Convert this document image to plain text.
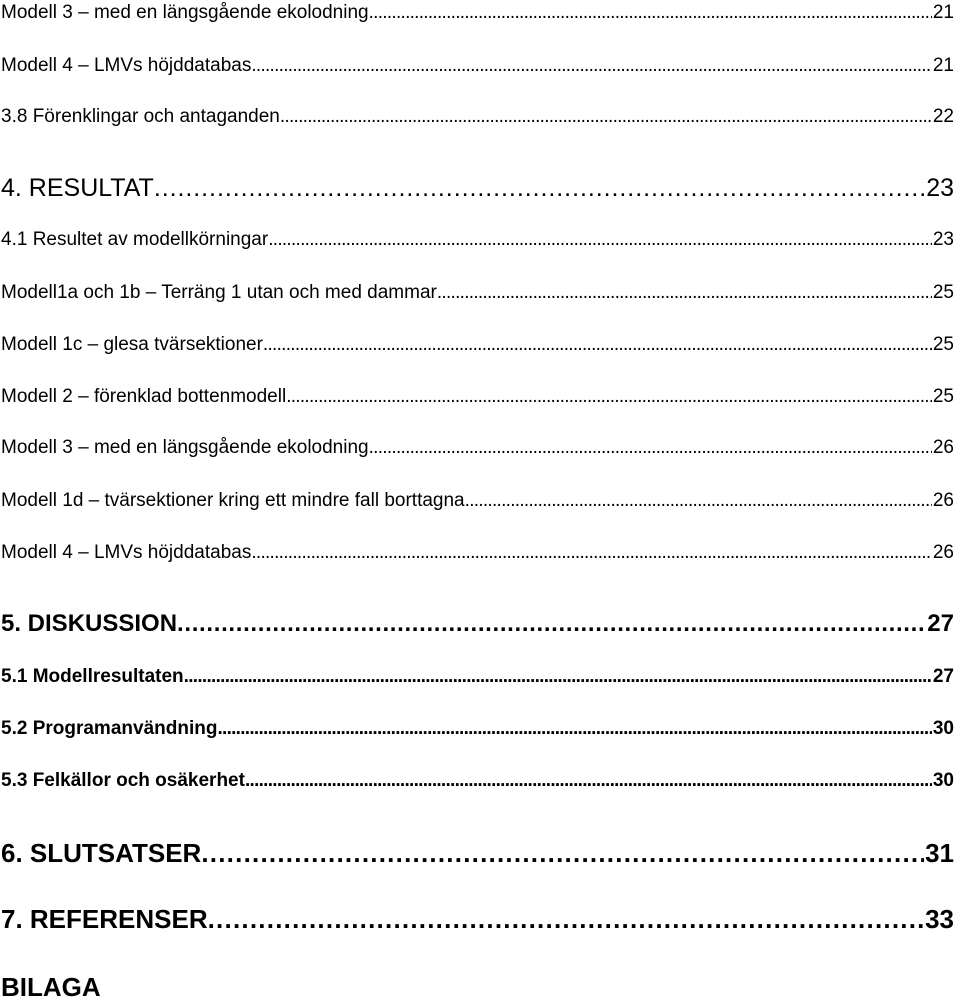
Modell 3 – med en längsgående ekolodning . . .	21
Modell 4 – LMVs höjddatabas . . .	21
3.8 Förenklingar och antaganden . . .	22
4. RESULTAT . . .	23
4.1 Resultet av modellkörningar . . .	23
Modell1a och 1b – Terräng 1 utan och med dammar . . .	25
Modell 1c – glesa tvärsektioner . . .	25
Modell 2 – förenklad bottenmodell . . .	25
Modell 3 – med en längsgående ekolodning . . .	26
Modell 1d – tvärsektioner kring ett mindre fall borttagna . . .	26
Modell 4 – LMVs höjddatabas . . .	26
5. DISKUSSION . . .	27
5.1 Modellresultaten . . .	27
5.2 Programanvändning . . .	30
5.3 Felkällor och osäkerhet . . .	30
6. SLUTSATSER . . .	31
7. REFERENSER . . .	33
BILAGA
